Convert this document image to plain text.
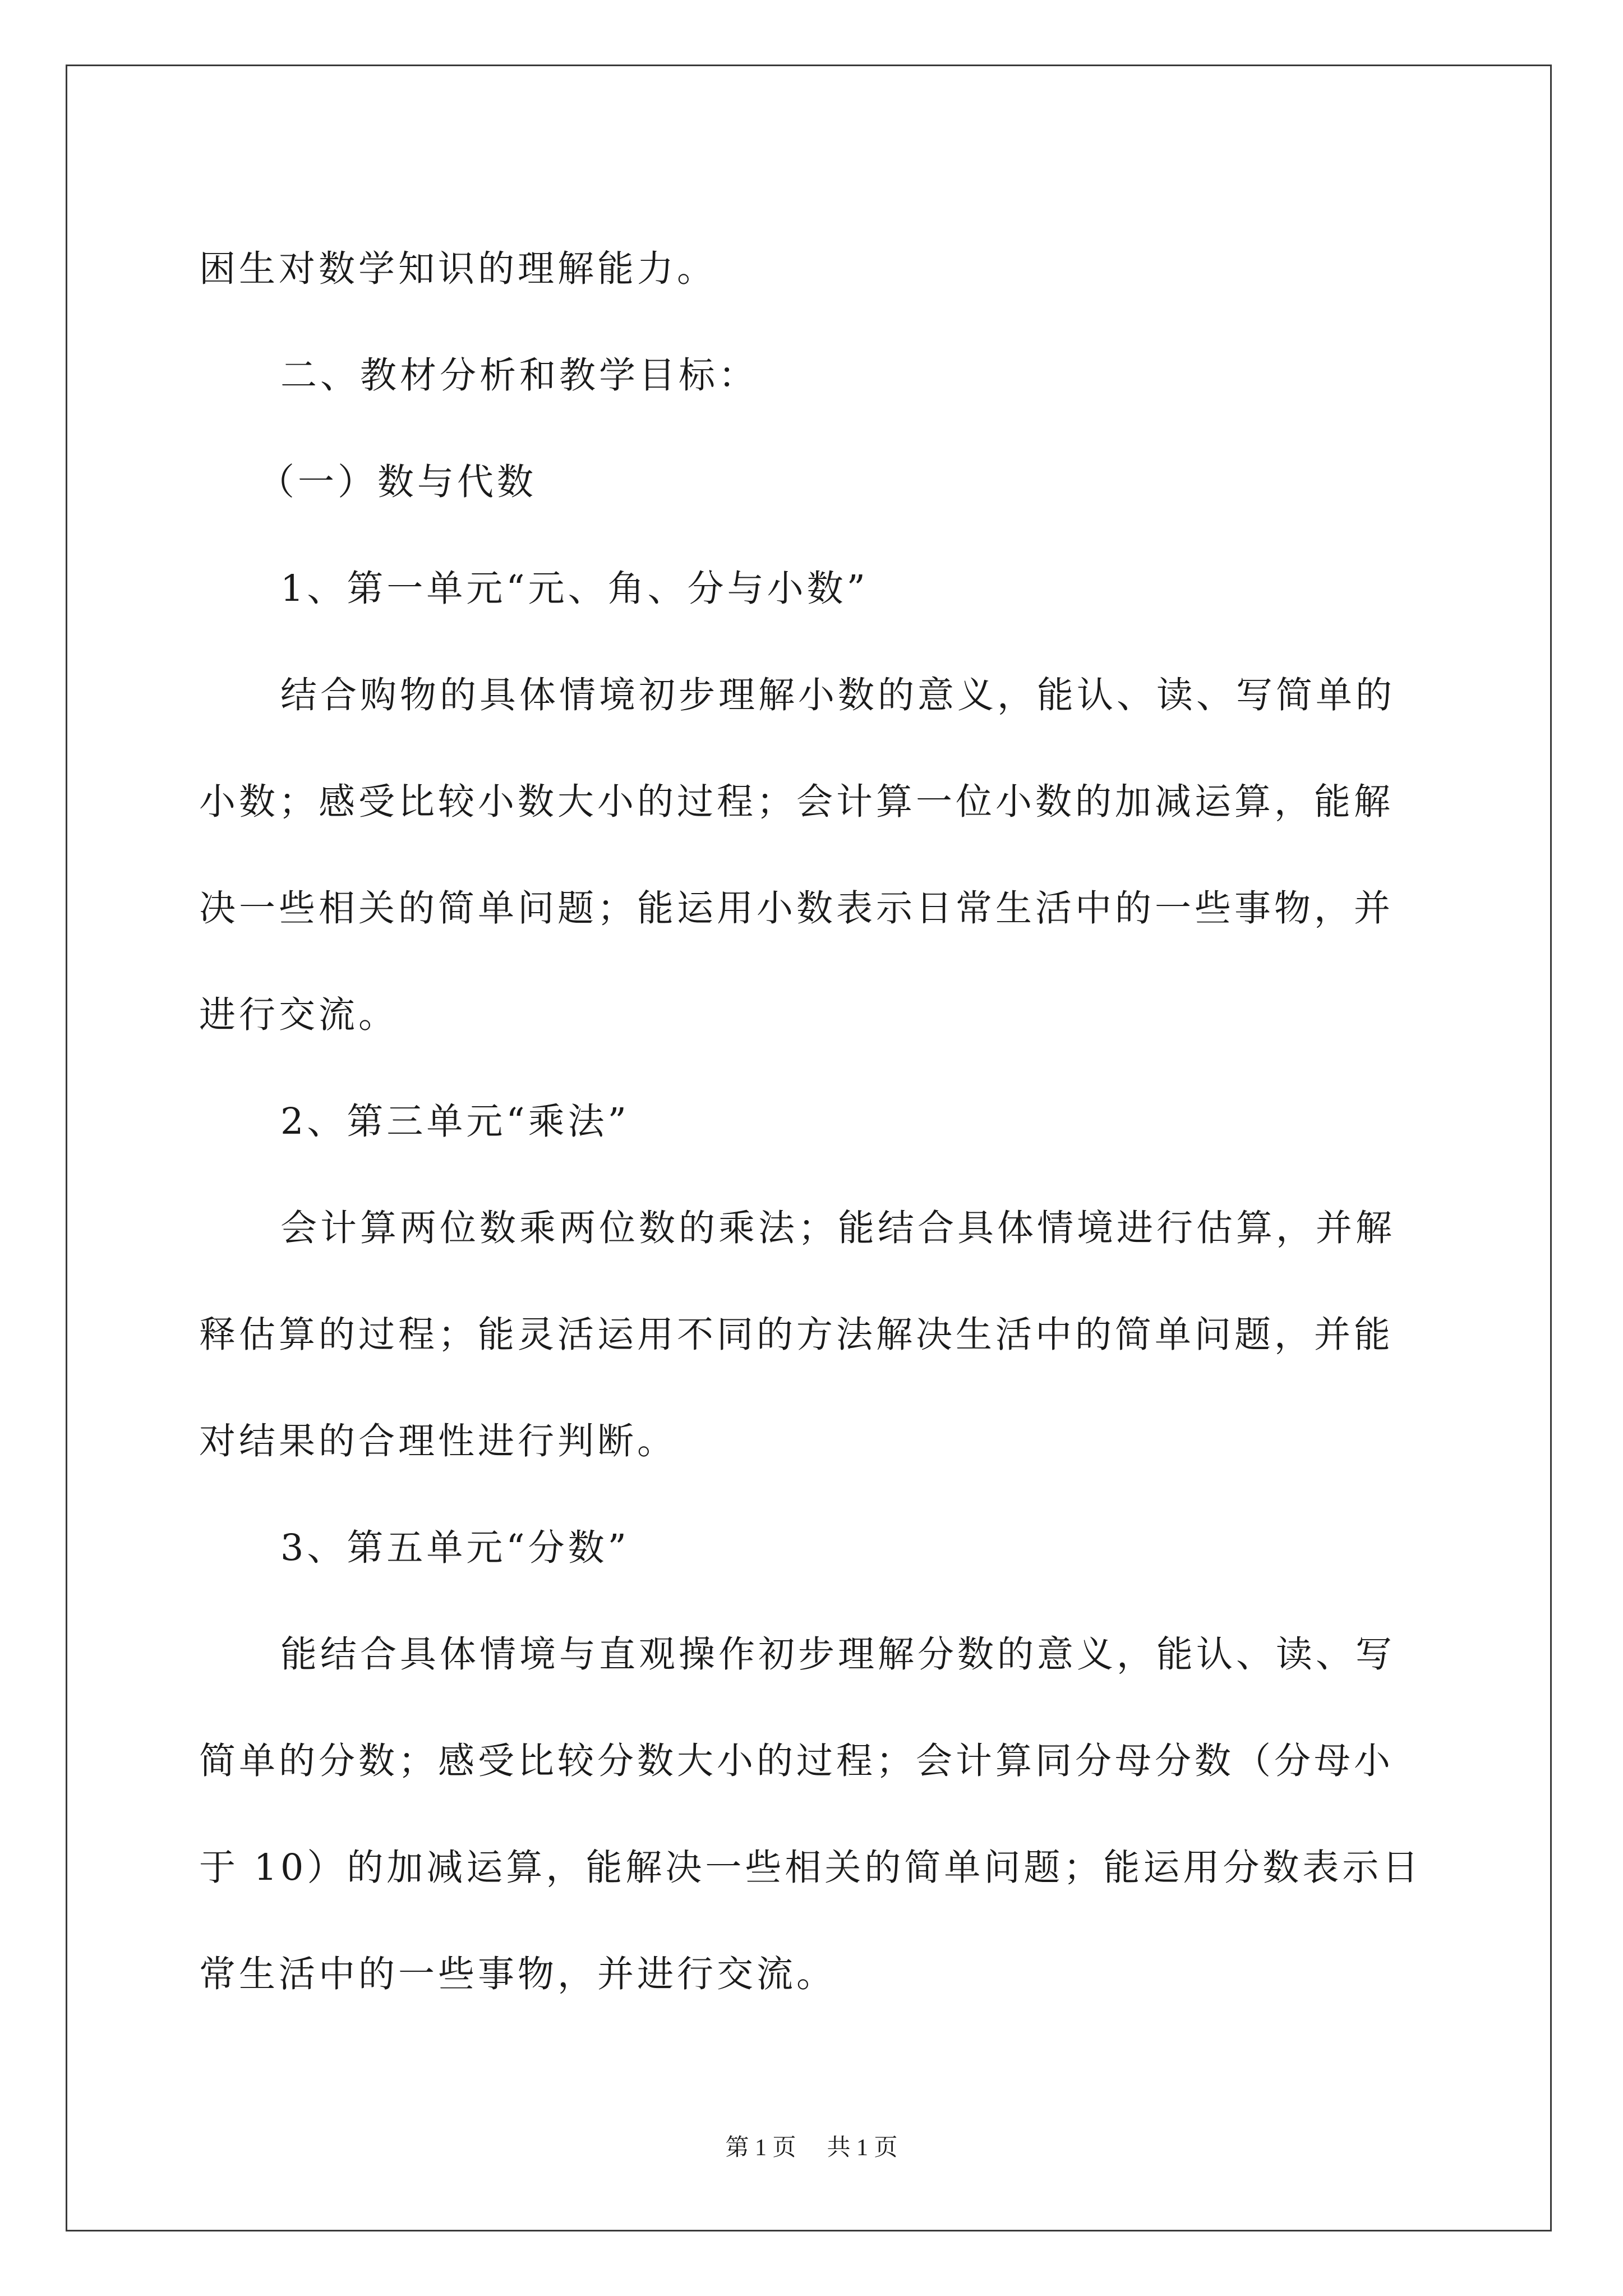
困生对数学知识的理解能力。

二、教材分析和教学目标：

（一）数与代数

1、第一单元“元、角、分与小数”

结合购物的具体情境初步理解小数的意义，能认、读、写简单的

小数；感受比较小数大小的过程；会计算一位小数的加减运算，能解

决一些相关的简单问题；能运用小数表示日常生活中的一些事物，并

进行交流。

2、第三单元“乘法”

会计算两位数乘两位数的乘法；能结合具体情境进行估算，并解

释估算的过程；能灵活运用不同的方法解决生活中的简单问题，并能

对结果的合理性进行判断。

3、第五单元“分数”

能结合具体情境与直观操作初步理解分数的意义，能认、读、写

简单的分数；感受比较分数大小的过程；会计算同分母分数（分母小

于 10）的加减运算，能解决一些相关的简单问题；能运用分数表示日

常生活中的一些事物，并进行交流。

第 1 页 共 1 页
